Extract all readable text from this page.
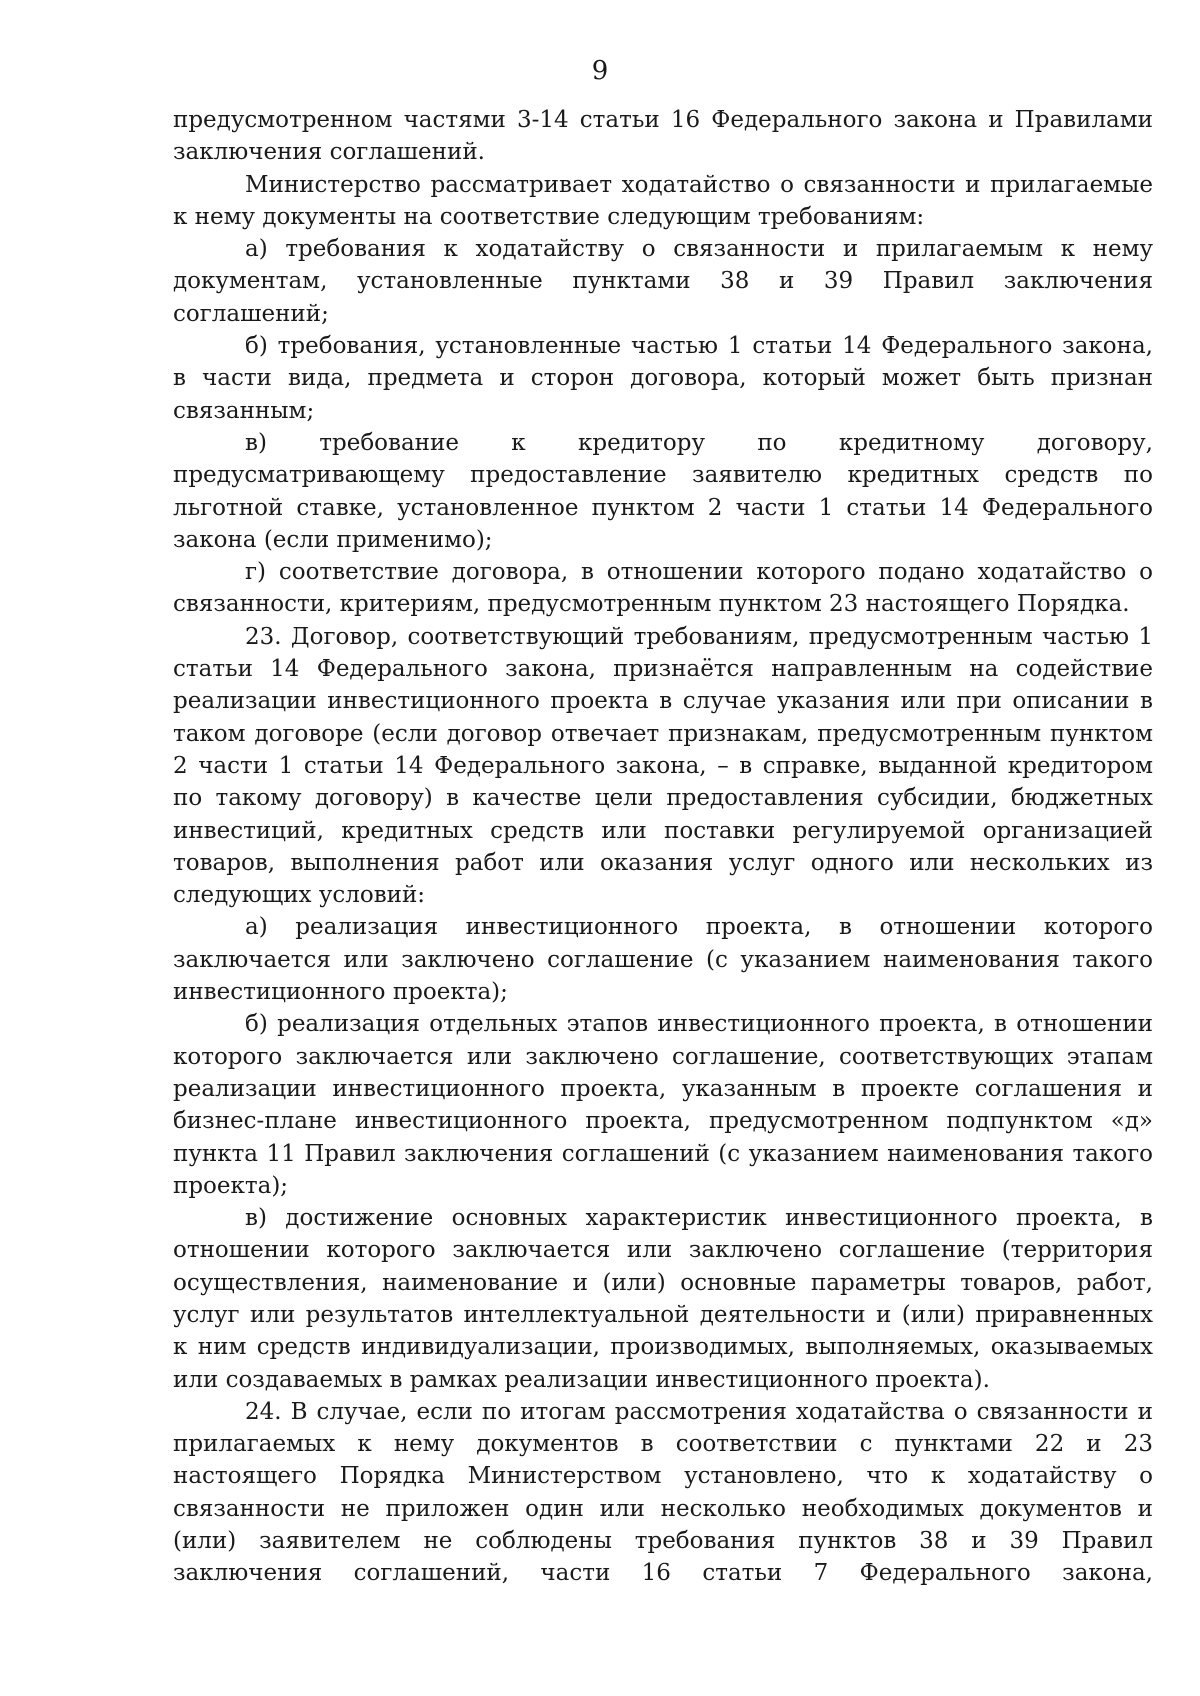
9

предусмотренном частями 3-14 статьи 16 Федерального закона и Правилами заключения соглашений.

Министерство рассматривает ходатайство о связанности и прилагаемые к нему документы на соответствие следующим требованиям:

а) требования к ходатайству о связанности и прилагаемым к нему документам, установленные пунктами 38 и 39 Правил заключения соглашений;

б) требования, установленные частью 1 статьи 14 Федерального закона, в части вида, предмета и сторон договора, который может быть признан связанным;

в) требование к кредитору по кредитному договору, предусматривающему предоставление заявителю кредитных средств по льготной ставке, установленное пунктом 2 части 1 статьи 14 Федерального закона (если применимо);

г) соответствие договора, в отношении которого подано ходатайство о связанности, критериям, предусмотренным пунктом 23 настоящего Порядка.

23. Договор, соответствующий требованиям, предусмотренным частью 1 статьи 14 Федерального закона, признаётся направленным на содействие реализации инвестиционного проекта в случае указания или при описании в таком договоре (если договор отвечает признакам, предусмотренным пунктом 2 части 1 статьи 14 Федерального закона, – в справке, выданной кредитором по такому договору) в качестве цели предоставления субсидии, бюджетных инвестиций, кредитных средств или поставки регулируемой организацией товаров, выполнения работ или оказания услуг одного или нескольких из следующих условий:

а) реализация инвестиционного проекта, в отношении которого заключается или заключено соглашение (с указанием наименования такого инвестиционного проекта);

б) реализация отдельных этапов инвестиционного проекта, в отношении которого заключается или заключено соглашение, соответствующих этапам реализации инвестиционного проекта, указанным в проекте соглашения и бизнес-плане инвестиционного проекта, предусмотренном подпунктом «д» пункта 11 Правил заключения соглашений (с указанием наименования такого проекта);

в) достижение основных характеристик инвестиционного проекта, в отношении которого заключается или заключено соглашение (территория осуществления, наименование и (или) основные параметры товаров, работ, услуг или результатов интеллектуальной деятельности и (или) приравненных к ним средств индивидуализации, производимых, выполняемых, оказываемых или создаваемых в рамках реализации инвестиционного проекта).

24. В случае, если по итогам рассмотрения ходатайства о связанности и прилагаемых к нему документов в соответствии с пунктами 22 и 23 настоящего Порядка Министерством установлено, что к ходатайству о связанности не приложен один или несколько необходимых документов и (или) заявителем не соблюдены требования пунктов 38 и 39 Правил заключения соглашений, части 16 статьи 7 Федерального закона,
